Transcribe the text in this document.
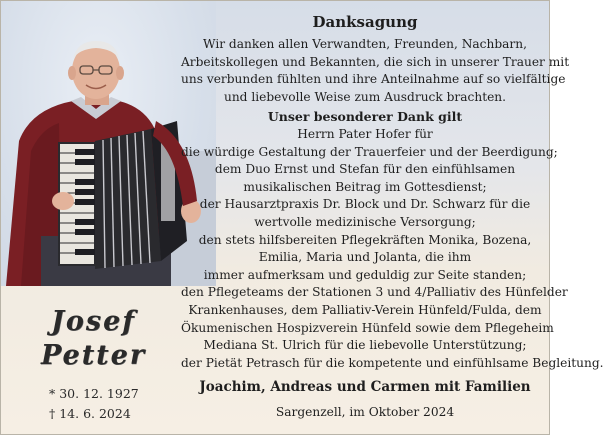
Josef
Petter
* 30. 12. 1927
† 14. 6. 2024
Danksagung
Wir danken allen Verwandten, Freunden, Nachbarn,
Arbeitskollegen und Bekannten, die sich in unserer Trauer mit
uns verbunden fühlten und ihre Anteilnahme auf so vielfältige
und liebevolle Weise zum Ausdruck brachten.
Unser besonderer Dank gilt
Herrn Pater Hofer für
die würdige Gestaltung der Trauerfeier und der Beerdigung;
dem Duo Ernst und Stefan für den einfühlsamen
musikalischen Beitrag im Gottesdienst;
der Hausarztpraxis Dr. Block und Dr. Schwarz für die
wertvolle medizinische Versorgung;
den stets hilfsbereiten Pflegekräften Monika, Bozena,
Emilia, Maria und Jolanta, die ihm
immer aufmerksam und geduldig zur Seite standen;
den Pflegeteams der Stationen 3 und 4/Palliativ des Hünfelder
Krankenhauses, dem Palliativ-Verein Hünfeld/Fulda, dem
Ökumenischen Hospizverein Hünfeld sowie dem Pflegeheim
Mediana St. Ulrich für die liebevolle Unterstützung;
der Pietät Petrasch für die kompetente und einfühlsame Begleitung.
Joachim, Andreas und Carmen mit Familien
Sargenzell, im Oktober 2024
